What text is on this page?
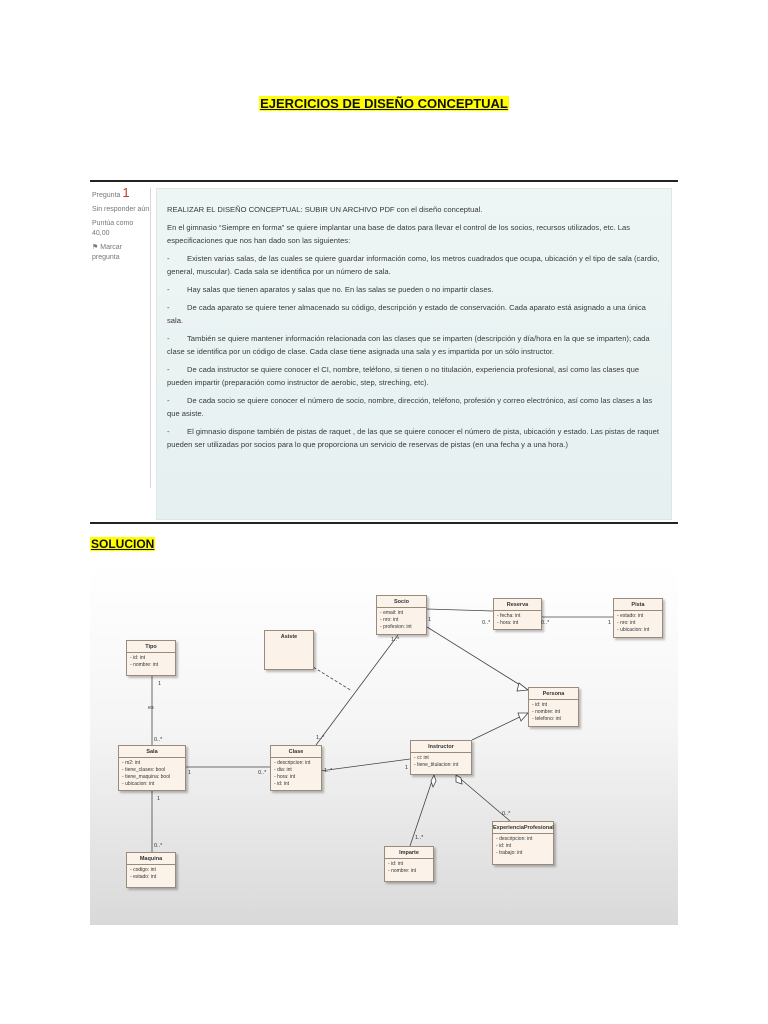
EJERCICIOS DE DISEÑO CONCEPTUAL
Pregunta 1
Sin responder aún
Puntúa como 40,00
⚑ Marcar pregunta

REALIZAR EL DISEÑO CONCEPTUAL: SUBIR UN ARCHIVO PDF con el diseño conceptual.

En el gimnasio “Siempre en forma” se quiere implantar una base de datos para llevar el control de los socios, recursos utilizados, etc. Las especificaciones que nos han dado son las siguientes:

- Existen varias salas, de las cuales se quiere guardar información como, los metros cuadrados que ocupa, ubicación y el tipo de sala (cardio, general, muscular). Cada sala se identifica por un número de sala.

- Hay salas que tienen aparatos y salas que no. En las salas se pueden o no impartir clases.

- De cada aparato se quiere tener almacenado su código, descripción y estado de conservación. Cada aparato está asignado a una única sala.

- También se quiere mantener información relacionada con las clases que se imparten (descripción y día/hora en la que se imparten); cada clase se identifica por un código de clase. Cada clase tiene asignada una sala y es impartida por un sólo instructor.

- De cada instructor se quiere conocer el CI, nombre, teléfono, si tienen o no titulación, experiencia profesional, así como las clases que pueden impartir (preparación como instructor de aerobic, step, streching, etc).

- De cada socio se quiere conocer el número de socio, nombre, dirección, teléfono, profesión y correo electrónico, así como las clases a las que asiste.

- El gimnasio dispone también de pistas de raquet , de las que se quiere conocer el número de pista, ubicación y estado. Las pistas de raquet pueden ser utilizadas por socios para lo que proporciona un servicio de reservas de pistas (en una fecha y a una hora.)

SOLUCION
Socio
- email: int
- nro: int
- profesion: int
Reserva
- fecha: int
- hora: int
Pista
- estado: int
- nro: int
- ubicacion: int
Tipo
- id: int
- nombre: int
Asiste
Persona
- id: int
- nombre: int
- telefono: int
Sala
- m2: int
- tiene_clases: bool
- tiene_maquina: bool
- ubicacion: int
Clase
- descripcion: int
- dia: int
- hora: int
- id: int
Instructor
- ci: int
- tiene_titulacion: int
Maquina
- codigo: int
- estado: int
Imparte
- id: int
- nombre: int
ExperienciaProfesional
- descripcion: int
- id: int
- trabajo: int
1	0..*	0..*	1
1..*
1
es
0..*
1	0..*
1..*
1..*	1
1
0..*
1..*
0..*
